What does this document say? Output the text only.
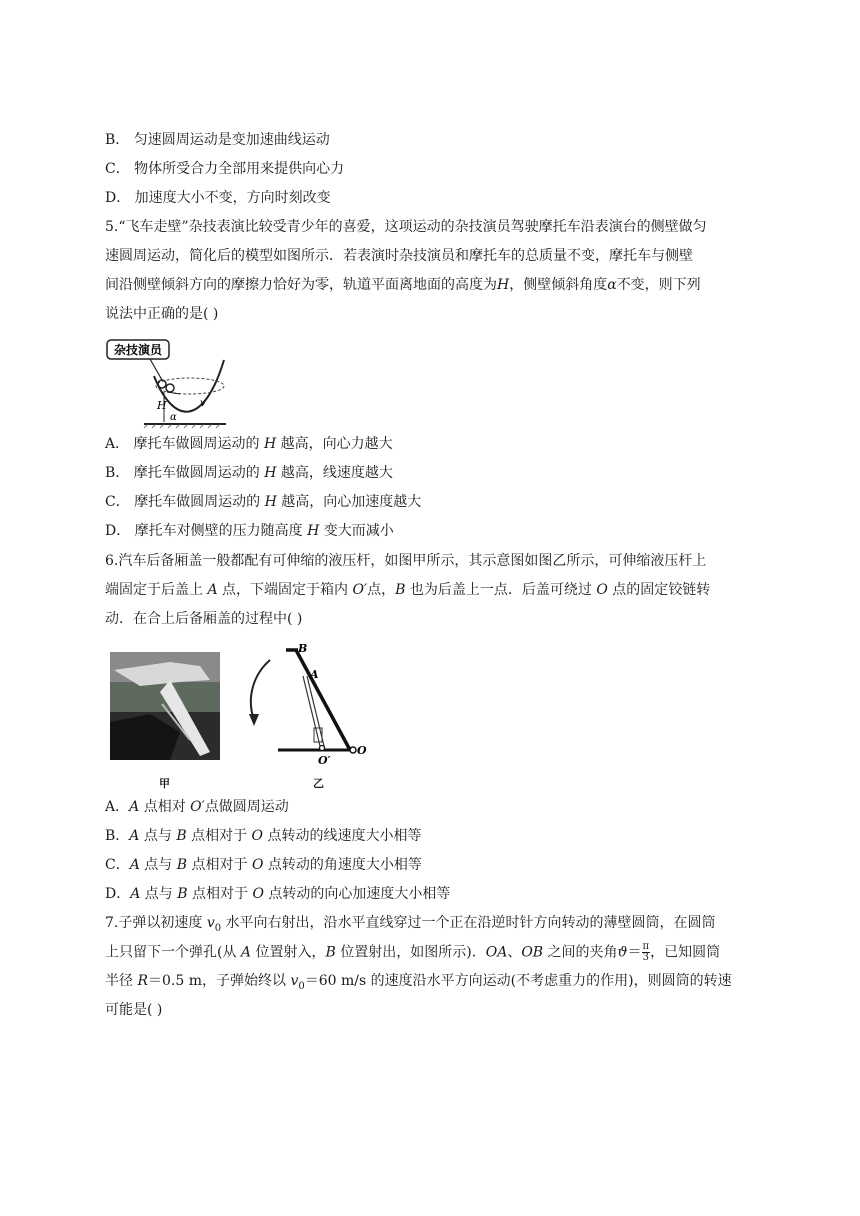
B． 匀速圆周运动是变加速曲线运动
C． 物体所受合力全部用来提供向心力
D． 加速度大小不变，方向时刻改变
5.“飞车走壁”杂技表演比较受青少年的喜爱，这项运动的杂技演员驾驶摩托车沿表演台的侧壁做匀
速圆周运动，简化后的模型如图所示．若表演时杂技演员和摩托车的总质量不变，摩托车与侧壁
间沿侧壁倾斜方向的摩擦力恰好为零，轨道平面离地面的高度为H，侧壁倾斜角度α不变，则下列
说法中正确的是( )
杂技演员
v
H
α
A． 摩托车做圆周运动的 H 越高，向心力越大
B． 摩托车做圆周运动的 H 越高，线速度越大
C． 摩托车做圆周运动的 H 越高，向心加速度越大
D． 摩托车对侧壁的压力随高度 H 变大而减小
6.汽车后备厢盖一般都配有可伸缩的液压杆，如图甲所示，其示意图如图乙所示，可伸缩液压杆上
端固定于后盖上 A 点，下端固定于箱内 O′点，B 也为后盖上一点．后盖可绕过 O 点的固定铰链转
动．在合上后备厢盖的过程中( )
甲
B
A
O
O′
乙
A．A 点相对 O′点做圆周运动
B．A 点与 B 点相对于 O 点转动的线速度大小相等
C．A 点与 B 点相对于 O 点转动的角速度大小相等
D．A 点与 B 点相对于 O 点转动的向心加速度大小相等
7.子弹以初速度 $v_0$ 水平向右射出，沿水平直线穿过一个正在沿逆时针方向转动的薄壁圆筒，在圆筒
上只留下一个弹孔(从 A 位置射入，B 位置射出，如图所示)．OA、OB 之间的夹角$ϑ= \frac{\pi}{3}$ ，已知圆筒
半径 R＝0.5 m，子弹始终以 $v_0=60$ m/s 的速度沿水平方向运动(不考虑重力的作用)，则圆筒的转速
可能是( )
